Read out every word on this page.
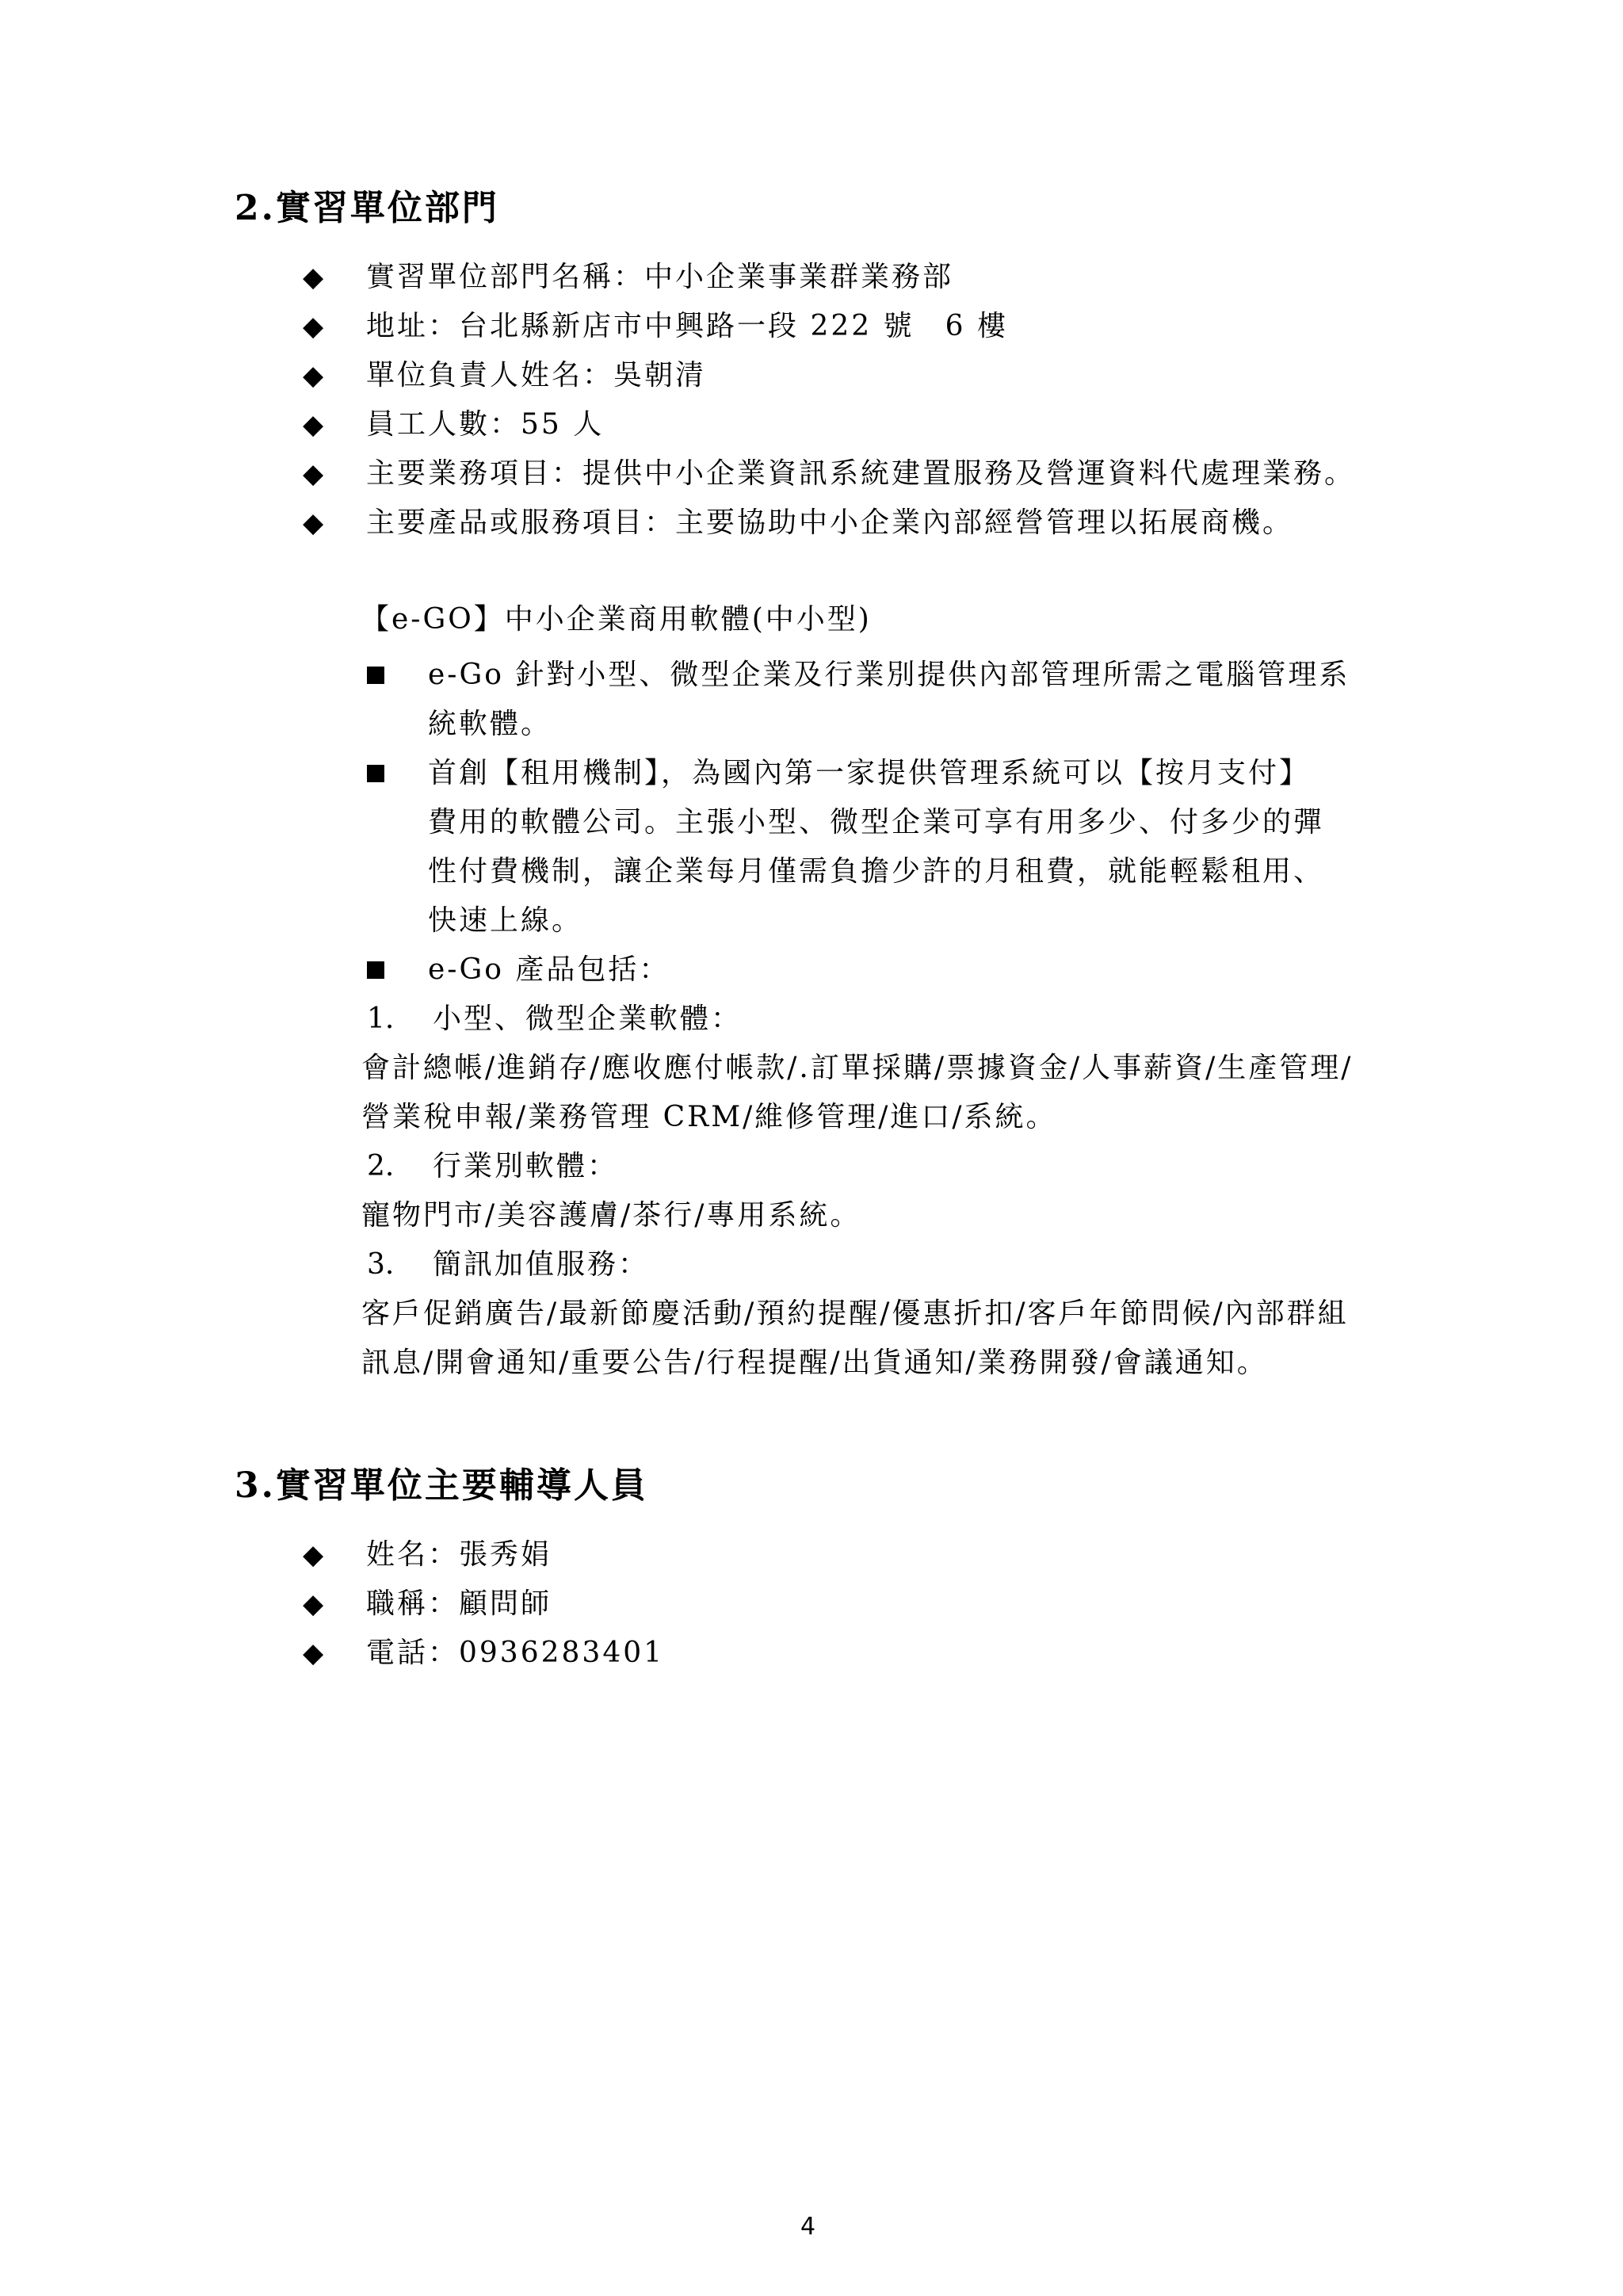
2.實習單位部門
◆ 實習單位部門名稱：中小企業事業群業務部
◆ 地址：台北縣新店市中興路一段 222 號　6 樓
◆ 單位負責人姓名：吳朝清
◆ 員工人數：55 人
◆ 主要業務項目：提供中小企業資訊系統建置服務及營運資料代處理業務。
◆ 主要產品或服務項目：主要協助中小企業內部經營管理以拓展商機。
【e-GO】中小企業商用軟體(中小型)
e-Go 針對小型、微型企業及行業別提供內部管理所需之電腦管理系
統軟體。
首創【租用機制】，為國內第一家提供管理系統可以【按月支付】
費用的軟體公司。主張小型、微型企業可享有用多少、付多少的彈
性付費機制，讓企業每月僅需負擔少許的月租費，就能輕鬆租用、
快速上線。
e-Go 產品包括：
1. 小型、微型企業軟體：
會計總帳/進銷存/應收應付帳款/.訂單採購/票據資金/人事薪資/生產管理/
營業稅申報/業務管理 CRM/維修管理/進口/系統。
2. 行業別軟體：
寵物門市/美容護膚/茶行/專用系統。
3. 簡訊加值服務：
客戶促銷廣告/最新節慶活動/預約提醒/優惠折扣/客戶年節問候/內部群組
訊息/開會通知/重要公告/行程提醒/出貨通知/業務開發/會議通知。
3.實習單位主要輔導人員
◆ 姓名：張秀娟
◆ 職稱：顧問師
◆ 電話：0936283401
4
